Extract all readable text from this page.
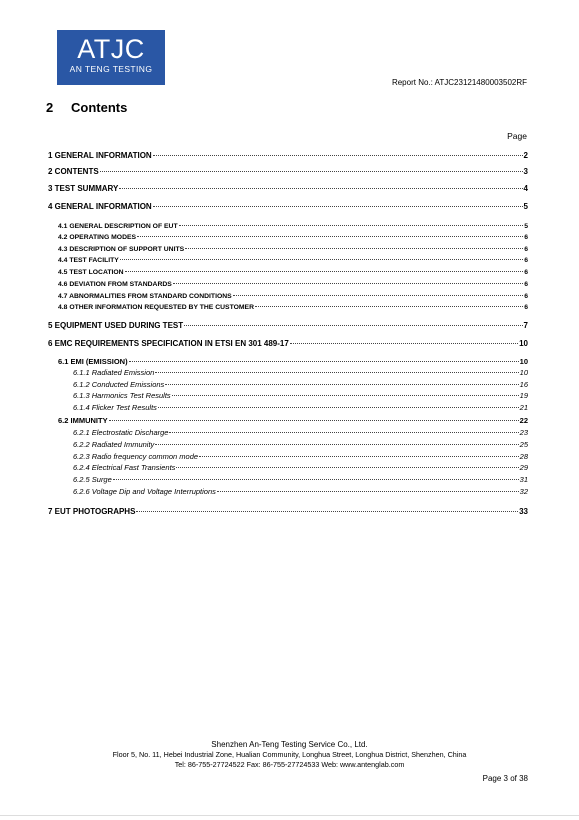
ATJC
AN TENG TESTING
Report No.: ATJC23121480003502RF
2 Contents
Page
1 GENERAL INFORMATION	2
2 CONTENTS	3
3 TEST SUMMARY	4
4 GENERAL INFORMATION	5
4.1 GENERAL DESCRIPTION OF EUT	5
4.2 OPERATING MODES	6
4.3 DESCRIPTION OF SUPPORT UNITS	6
4.4 TEST FACILITY	6
4.5 TEST LOCATION	6
4.6 DEVIATION FROM STANDARDS	6
4.7 ABNORMALITIES FROM STANDARD CONDITIONS	6
4.8 OTHER INFORMATION REQUESTED BY THE CUSTOMER	6
5 EQUIPMENT USED DURING TEST	7
6 EMC REQUIREMENTS SPECIFICATION IN ETSI EN 301 489-17	10
6.1 EMI (EMISSION)	10
6.1.1 Radiated Emission	10
6.1.2 Conducted Emissions	16
6.1.3 Harmonics Test Results	19
6.1.4 Flicker Test Results	21
6.2 IMMUNITY	22
6.2.1 Electrostatic Discharge	23
6.2.2 Radiated Immunity	25
6.2.3 Radio frequency common mode	28
6.2.4 Electrical Fast Transients	29
6.2.5 Surge	31
6.2.6 Voltage Dip and Voltage Interruptions	32
7 EUT PHOTOGRAPHS	33
Shenzhen An-Teng Testing Service Co., Ltd.
Floor 5, No. 11, Hebei Industrial Zone, Hualian Community, Longhua Street, Longhua District, Shenzhen, China
Tel: 86-755-27724522 Fax: 86-755-27724533 Web: www.antenglab.com
Page 3 of 38
